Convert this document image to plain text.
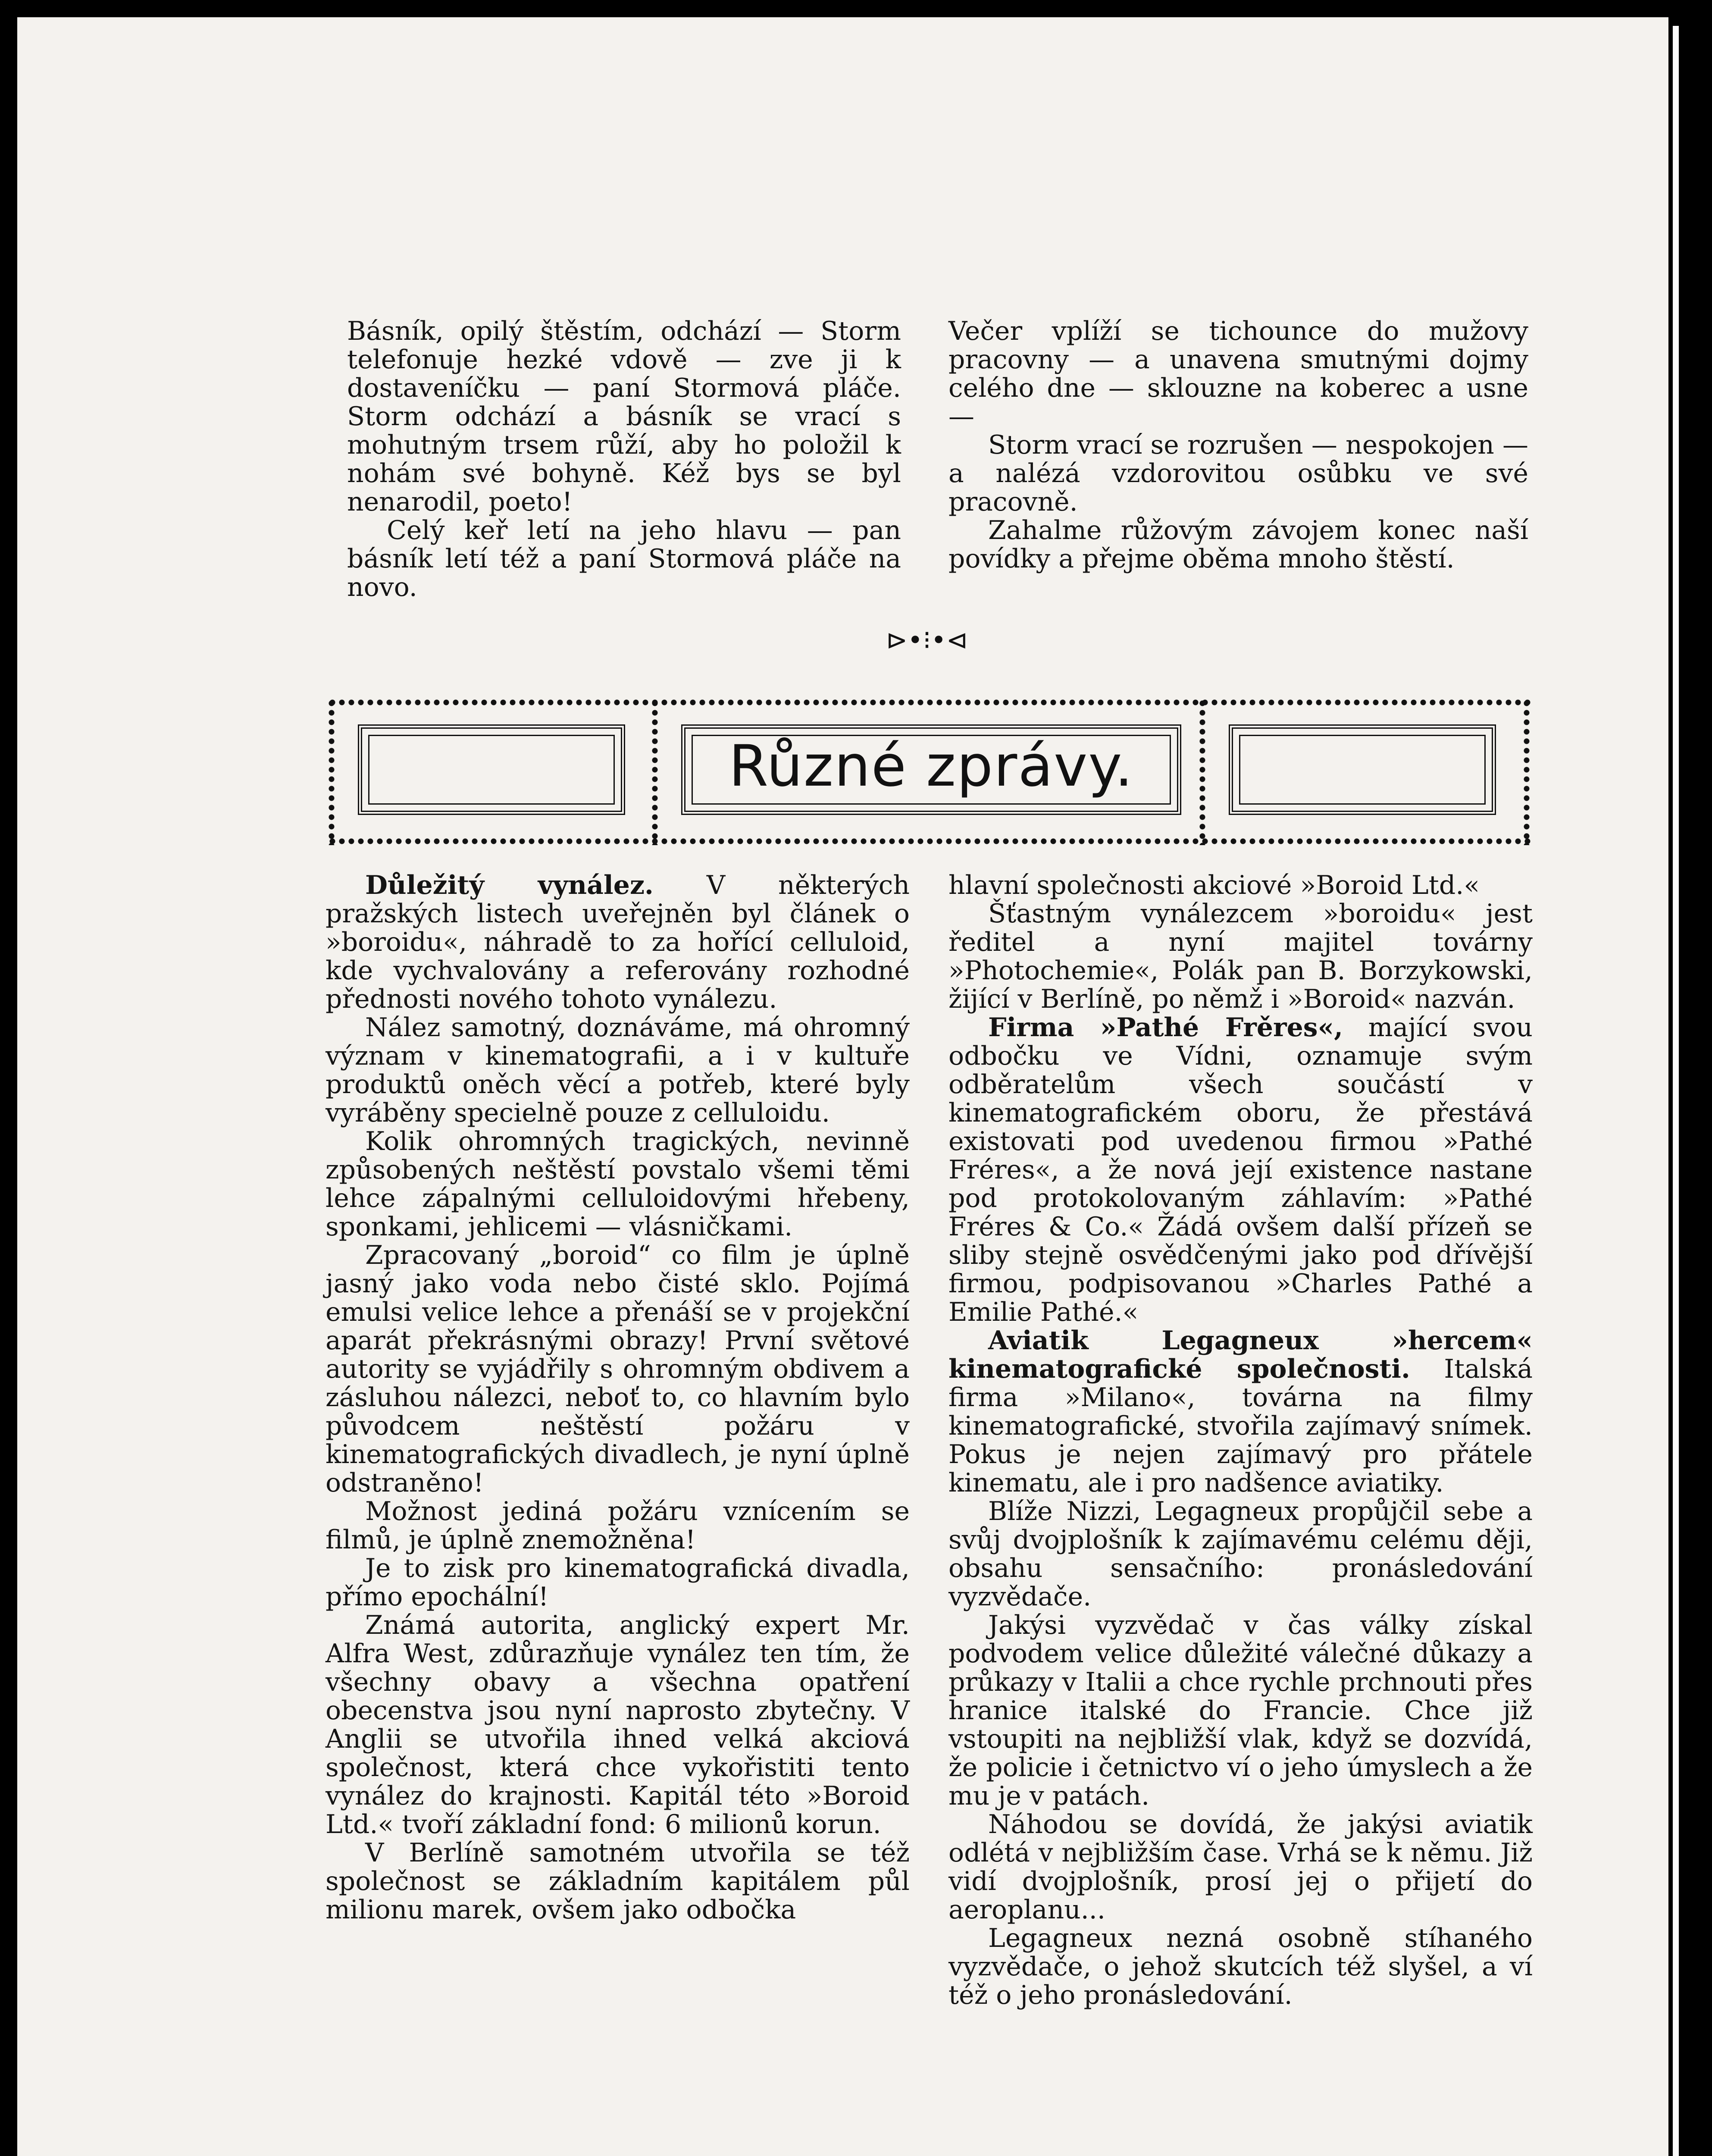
Básník, opilý štěstím, odchází — Storm telefonuje hezké vdově — zve ji k dostaveníčku — paní Stormová pláče. Storm odchází a básník se vrací s mohutným trsem růží, aby ho položil k nohám své bohyně. Kéž bys se byl nenarodil, poeto!

Celý keř letí na jeho hlavu — pan básník letí též a paní Stormová pláče na novo.

Večer vplíží se tichounce do mužovy pracovny — a unavena smutnými dojmy celého dne — sklouzne na koberec a usne —

Storm vrací se rozrušen — nespokojen — a nalézá vzdorovitou osůbku ve své pracovně.

Zahalme růžovým závojem konec naší povídky a přejme oběma mnoho štěstí.

⊳•⁝•⊲
Různé zprávy.

Důležitý vynález. V některých pražských listech uveřejněn byl článek o »boroidu«, náhradě to za hořící celluloid, kde vychvalovány a referovány rozhodné přednosti nového tohoto vynálezu.

Nález samotný, doznáváme, má ohromný význam v kinematografii, a i v kultuře produktů oněch věcí a potřeb, které byly vyráběny specielně pouze z celluloidu.

Kolik ohromných tragických, nevinně způsobených neštěstí povstalo všemi těmi lehce zápalnými celluloidovými hřebeny, sponkami, jehlicemi — vlásničkami.

Zpracovaný „boroid“ co film je úplně jasný jako voda nebo čisté sklo. Pojímá emulsi velice lehce a přenáší se v projekční aparát překrásnými obrazy! První světové autority se vyjádřily s ohromným obdivem a zásluhou nálezci, neboť to, co hlavním bylo původcem neštěstí požáru v kinematografických divadlech, je nyní úplně odstraněno!

Možnost jediná požáru vznícením se filmů, je úplně znemožněna!

Je to zisk pro kinematografická divadla, přímo epochální!

Známá autorita, anglický expert Mr. Alfra West, zdůrazňuje vynález ten tím, že všechny obavy a všechna opatření obecenstva jsou nyní naprosto zbytečny. V Anglii se utvořila ihned velká akciová společnost, která chce vykořistiti tento vynález do krajnosti. Kapitál této »Boroid Ltd.« tvoří základní fond: 6 milionů korun.

V Berlíně samotném utvořila se též společnost se základním kapitálem půl milionu marek, ovšem jako odbočka

hlavní společnosti akciové »Boroid Ltd.«

Šťastným vynálezcem »boroidu« jest ředitel a nyní majitel továrny »Photochemie«, Polák pan B. Borzykowski, žijící v Berlíně, po němž i »Boroid« nazván.

Firma »Pathé Frěres«, mající svou odbočku ve Vídni, oznamuje svým odběratelům všech součástí v kinematografickém oboru, že přestává existovati pod uvedenou firmou »Pathé Fréres«, a že nová její existence nastane pod protokolovaným záhlavím: »Pathé Fréres & Co.« Žádá ovšem další přízeň se sliby stejně osvědčenými jako pod dřívější firmou, podpisovanou »Charles Pathé a Emilie Pathé.«

Aviatik Legagneux »hercem« kinematografické společnosti. Italská firma »Milano«, továrna na filmy kinematografické, stvořila zajímavý snímek. Pokus je nejen zajímavý pro přátele kinematu, ale i pro nadšence aviatiky.

Blíže Nizzi, Legagneux propůjčil sebe a svůj dvojplošník k zajímavému celému ději, obsahu sensačního: pronásledování vyzvědače.

Jakýsi vyzvědač v čas války získal podvodem velice důležité válečné důkazy a průkazy v Italii a chce rychle prchnouti přes hranice italské do Francie. Chce již vstoupiti na nejbližší vlak, když se dozvídá, že policie i četnictvo ví o jeho úmyslech a že mu je v patách.

Náhodou se dovídá, že jakýsi aviatik odlétá v nejbližším čase. Vrhá se k němu. Již vidí dvojplošník, prosí jej o přijetí do aeroplanu...

Legagneux nezná osobně stíhaného vyzvědače, o jehož skutcích též slyšel, a ví též o jeho pronásledování.
